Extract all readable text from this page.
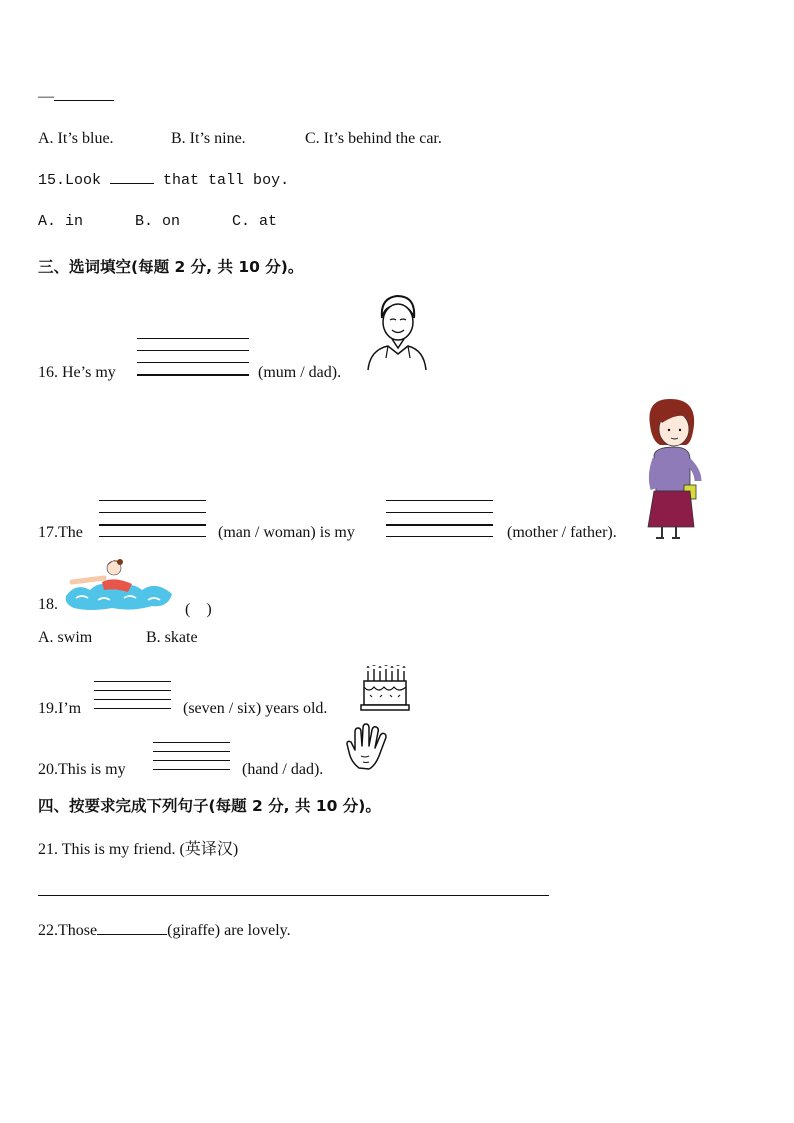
—
A. It’s blue.	B. It’s nine.	C. It’s behind the car.
15.Look	that tall boy.
A. in	B. on	C. at
三、选词填空(每题 2 分, 共 10 分)。
16. He’s my	(mum / dad).
17.The	(man / woman) is my	(mother / father).
18.	(　)
A. swim	B. skate
19.I’m	(seven / six) years old.
20.This is my	(hand / dad).
四、按要求完成下列句子(每题 2 分, 共 10 分)。
21. This is my friend. (英译汉)
22.Those	(giraffe) are lovely.
